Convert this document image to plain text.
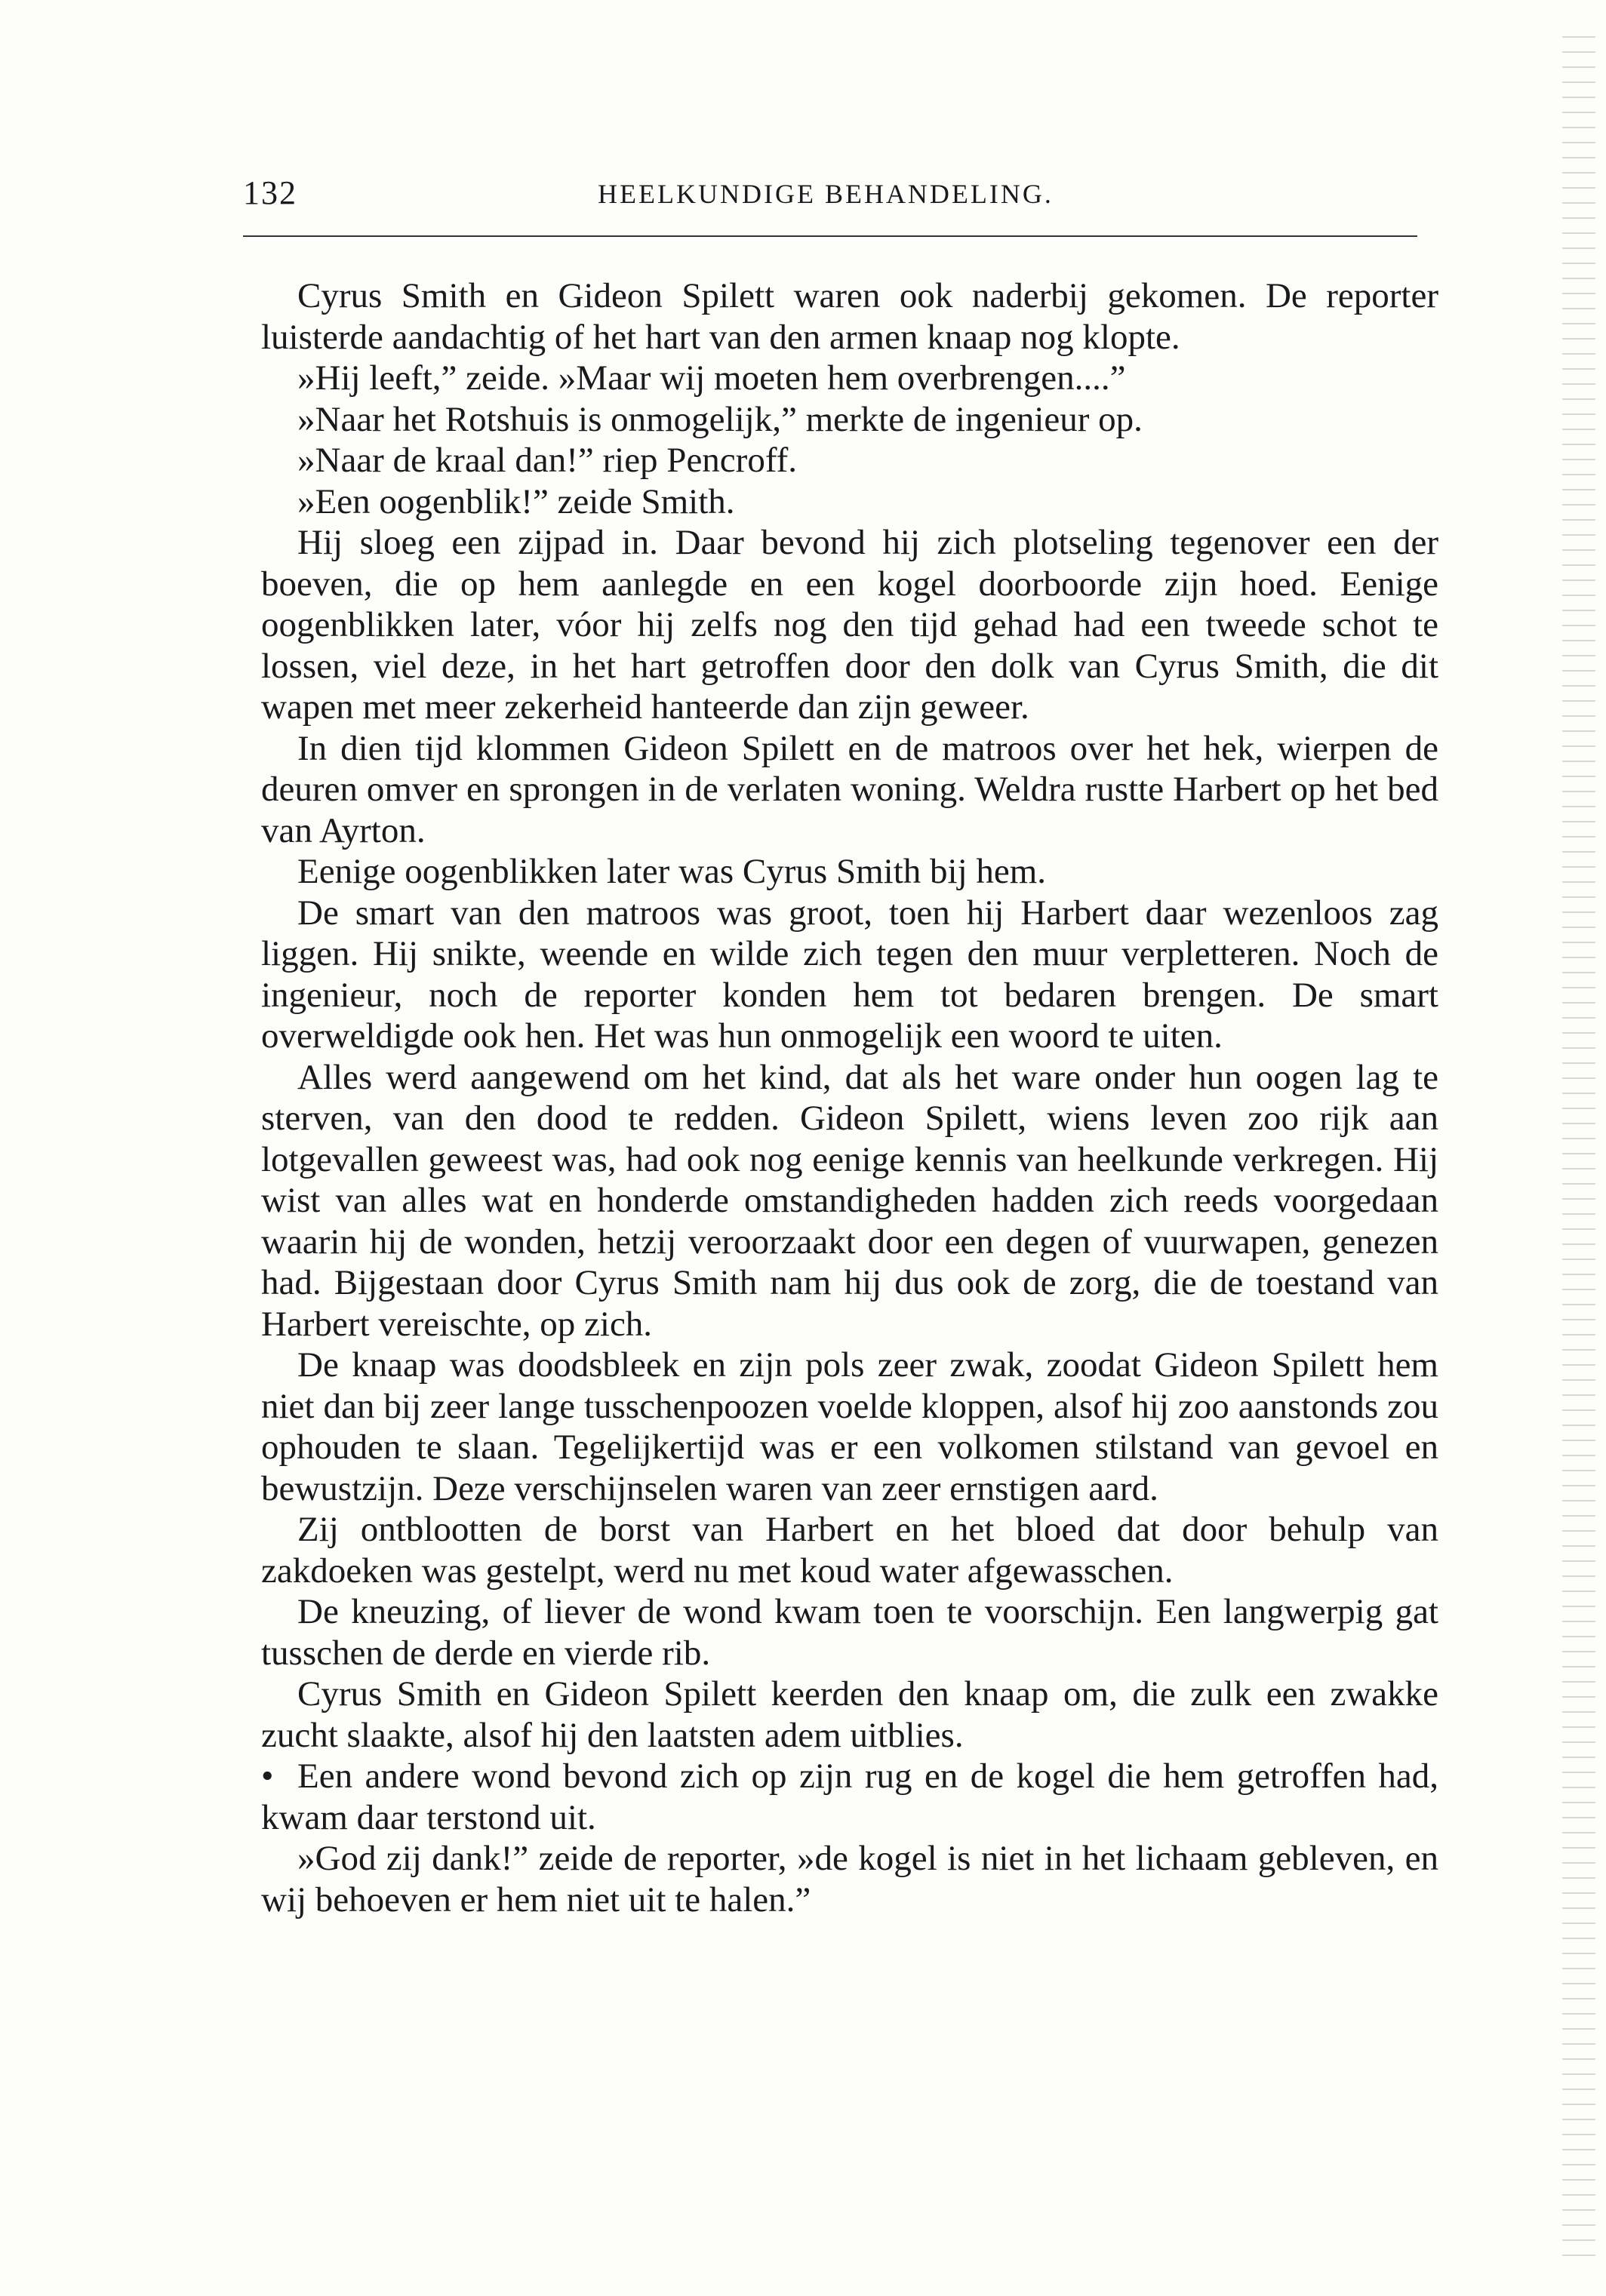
132	HEELKUNDIGE BEHANDELING.

Cyrus Smith en Gideon Spilett waren ook naderbij gekomen. De reporter luisterde aandachtig of het hart van den armen knaap nog klopte.

»Hij leeft,” zeide. »Maar wij moeten hem overbrengen....”

»Naar het Rotshuis is onmogelijk,” merkte de ingenieur op.

»Naar de kraal dan!” riep Pencroff.

»Een oogenblik!” zeide Smith.

Hij sloeg een zijpad in. Daar bevond hij zich plotseling tegenover een der boeven, die op hem aanlegde en een kogel doorboorde zijn hoed. Eenige oogenblikken later, vóor hij zelfs nog den tijd gehad had een tweede schot te lossen, viel deze, in het hart getroffen door den dolk van Cyrus Smith, die dit wapen met meer zekerheid hanteerde dan zijn geweer.

In dien tijd klommen Gideon Spilett en de matroos over het hek, wierpen de deuren omver en sprongen in de verlaten woning. Weldra rustte Harbert op het bed van Ayrton.

Eenige oogenblikken later was Cyrus Smith bij hem.

De smart van den matroos was groot, toen hij Harbert daar wezenloos zag liggen. Hij snikte, weende en wilde zich tegen den muur verpletteren. Noch de ingenieur, noch de reporter konden hem tot bedaren brengen. De smart overweldigde ook hen. Het was hun onmogelijk een woord te uiten.

Alles werd aangewend om het kind, dat als het ware onder hun oogen lag te sterven, van den dood te redden. Gideon Spilett, wiens leven zoo rijk aan lotgevallen geweest was, had ook nog eenige kennis van heelkunde verkregen. Hij wist van alles wat en honderde omstandigheden hadden zich reeds voorgedaan waarin hij de wonden, hetzij veroorzaakt door een degen of vuurwapen, genezen had. Bijgestaan door Cyrus Smith nam hij dus ook de zorg, die de toestand van Harbert vereischte, op zich.

De knaap was doodsbleek en zijn pols zeer zwak, zoodat Gideon Spilett hem niet dan bij zeer lange tusschenpoozen voelde kloppen, alsof hij zoo aanstonds zou ophouden te slaan. Tegelijkertijd was er een volkomen stilstand van gevoel en bewustzijn. Deze verschijnselen waren van zeer ernstigen aard.

Zij ontblootten de borst van Harbert en het bloed dat door behulp van zakdoeken was gestelpt, werd nu met koud water afgewasschen.

De kneuzing, of liever de wond kwam toen te voorschijn. Een langwerpig gat tusschen de derde en vierde rib.

Cyrus Smith en Gideon Spilett keerden den knaap om, die zulk een zwakke zucht slaakte, alsof hij den laatsten adem uitblies.

• Een andere wond bevond zich op zijn rug en de kogel die hem getroffen had, kwam daar terstond uit.

»God zij dank!” zeide de reporter, »de kogel is niet in het lichaam gebleven, en wij behoeven er hem niet uit te halen.”
